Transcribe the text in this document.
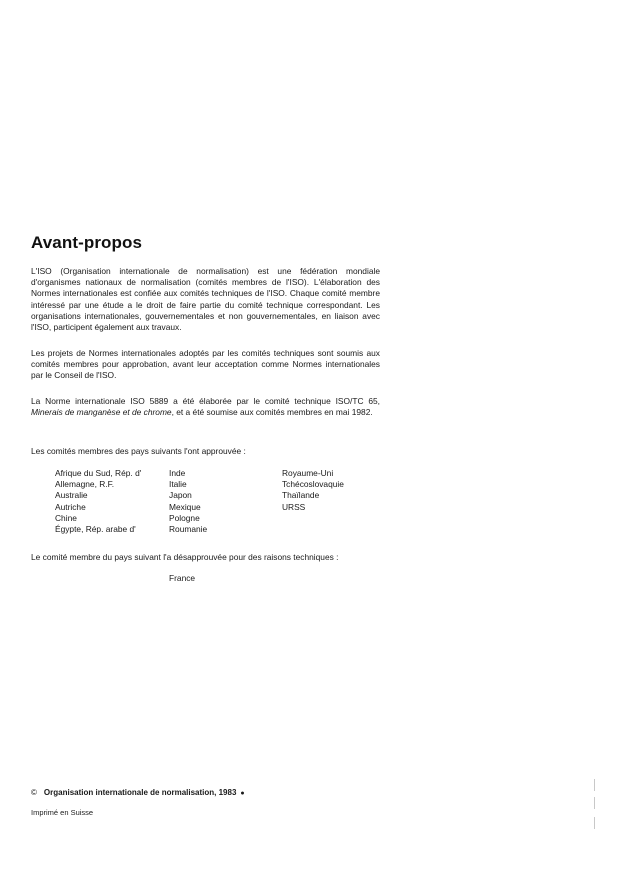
Avant-propos

L'ISO (Organisation internationale de normalisation) est une fédération mondiale d'organismes nationaux de normalisation (comités membres de l'ISO). L'élaboration des Normes internationales est confiée aux comités techniques de l'ISO. Chaque comité membre intéressé par une étude a le droit de faire partie du comité technique correspondant. Les organisations internationales, gouvernementales et non gouvernementales, en liaison avec l'ISO, participent également aux travaux.

Les projets de Normes internationales adoptés par les comités techniques sont soumis aux comités membres pour approbation, avant leur acceptation comme Normes internationales par le Conseil de l'ISO.

La Norme internationale ISO 5889 a été élaborée par le comité technique ISO/TC 65, Minerais de manganèse et de chrome, et a été soumise aux comités membres en mai 1982.

Les comités membres des pays suivants l'ont approuvée :

Afrique du Sud, Rép. d'
Allemagne, R.F.
Australie
Autriche
Chine
Égypte, Rép. arabe d'
Inde
Italie
Japon
Mexique
Pologne
Roumanie
Royaume-Uni
Tchécoslovaquie
Thaïlande
URSS

Le comité membre du pays suivant l'a désapprouvée pour des raisons techniques :

France

© Organisation internationale de normalisation, 1983 ●

Imprimé en Suisse
